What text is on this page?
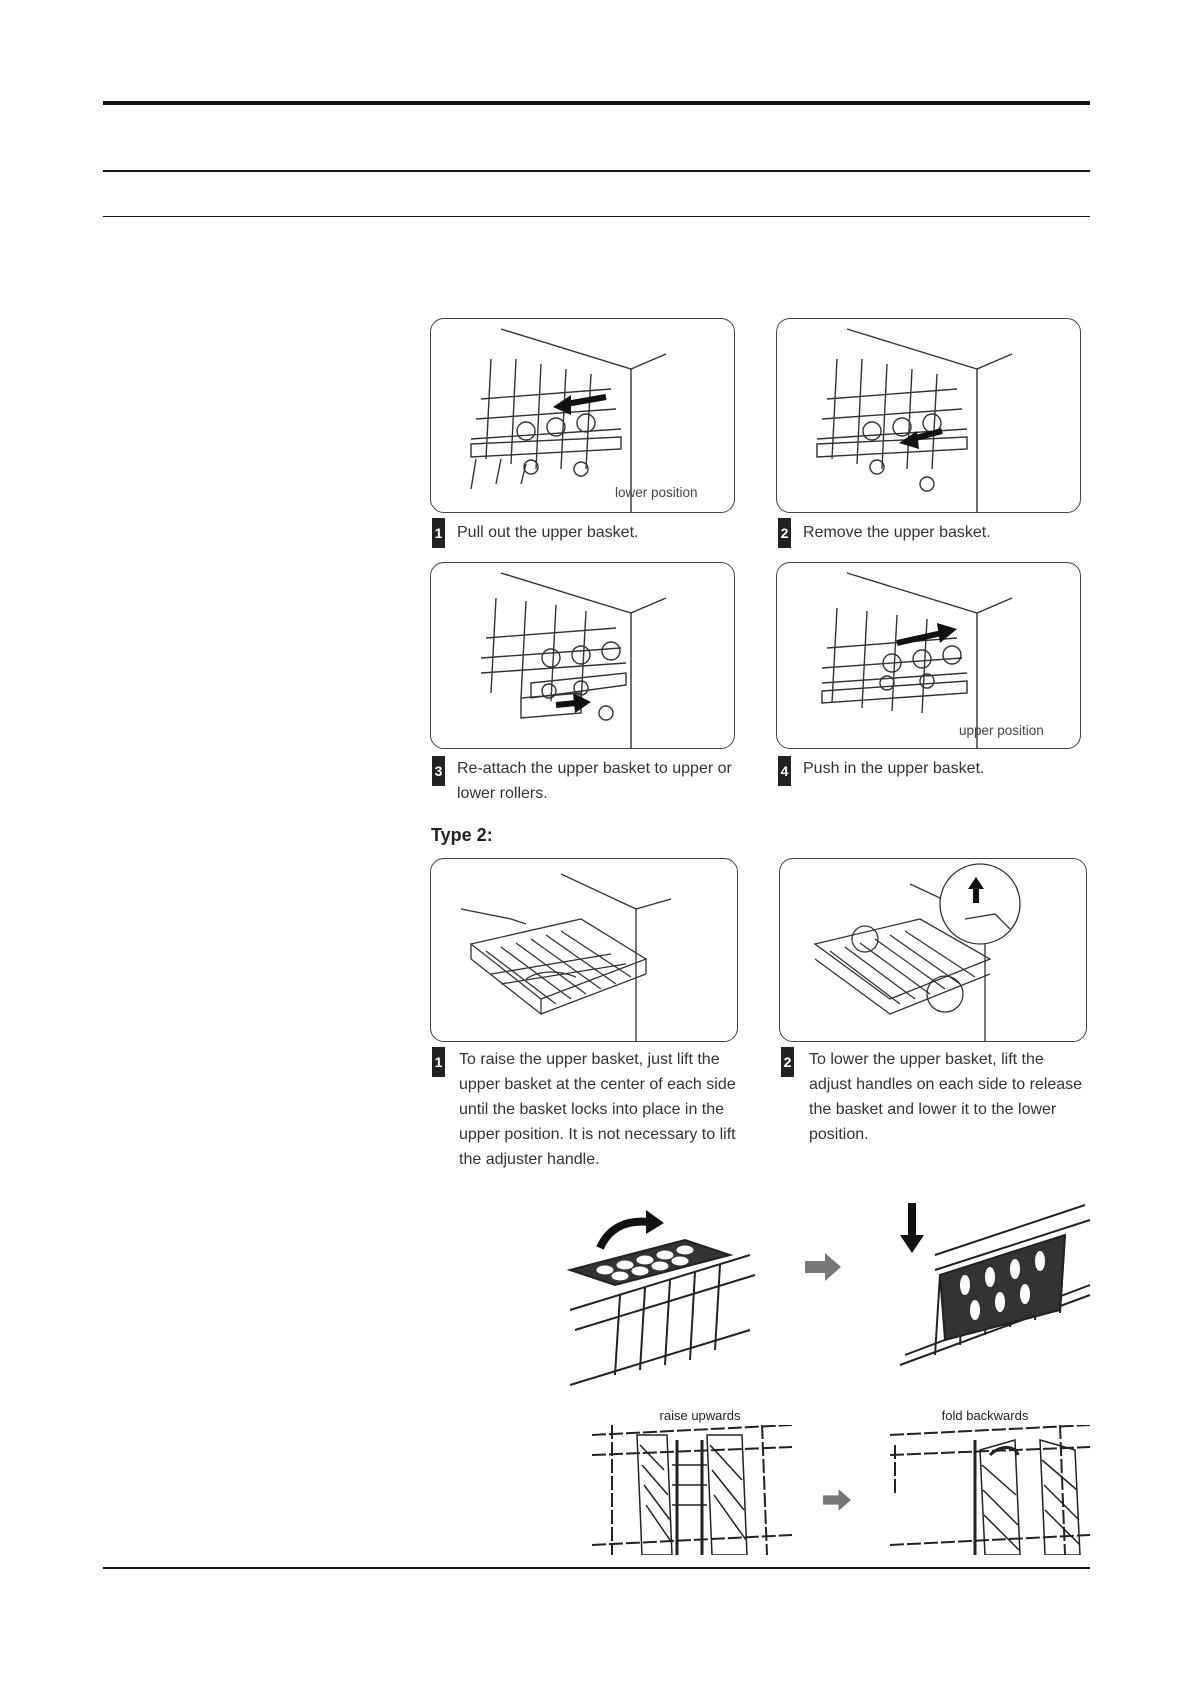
lower position
1 Pull out the upper basket.	2 Remove the upper basket.
upper position
3 Re-attach the upper basket to upper or lower rollers.
4 Push in the upper basket.
Type 2:
1 To raise the upper basket, just lift the upper basket at the center of each side until the basket locks into place in the upper position. It is not necessary to lift the adjuster handle.
2 To lower the upper basket, lift the adjust handles on each side to release the basket and lower it to the lower position.
raise upwards	fold backwards
